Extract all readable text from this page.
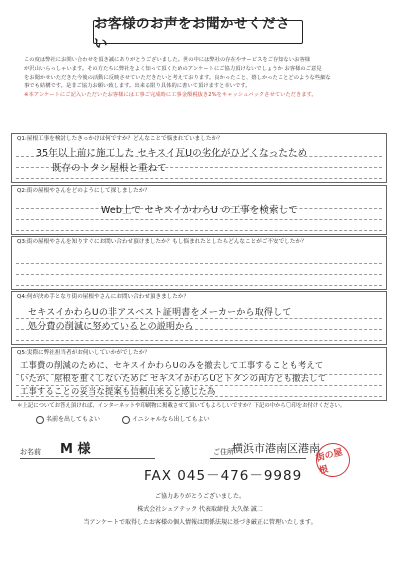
お客様のお声をお聞かせください
この度は弊社にお問い合わせを頂き誠にありがとうございました。世の中には弊社の存在やサービスをご存知ないお客様
が沢山いらっしゃいます。その方たちに弊社をよく知って頂くためのアンケートにご協力頂けないでしょうか お客様のご意見
をお聞かせいただきた今後の活動に反映させていただきたいと考えております。良かったこと、嬉しかったことどのような些細な
事でも結構です。是非ご協力お願い致します。出来る限り具体的に書いて頂けますと幸いです。
※本アンケートにご記入いただいたお客様には工事ご完成時に工事金額税抜き2%をキャッシュバックさせていただきます。
Q1:屋根工事を検討したきっかけは何ですか？どんなことで悩まれていましたか？
35年以上前に施工した セキスイ瓦Uの劣化がひどくなったため
既存のトタン屋根と重ねて
Q2:街の屋根やさんをどのようにして探しましたか？
Web上で セキスイかわらU の工事を検索して
Q3:街の屋根やさんを知りすぐにお問い合わせ頂けましたか？もし悩まれたとしたらどんなことがご不安でしたか？
Q4:何が決め手となり街の屋根やさんにお問い合わせ頂きましたか？
セキスイかわらUの非アスベスト証明書をメーカーから取得して
処分費の削減に努めているとの説明から
Q5:実際に弊社担当者がお伺いしていかがでしたか？
工事費の削減のために、セキスイかわらUのみを撤去して工事することも考えて
いたが、屋根を重くしないために セキスイかわらUとトタンの両方とも撤去して
工事することの妥当な提案も信頼出来ると感じた為
＊上記についてお答え頂ければ、インターネットや印刷物に掲載させて頂いてもよろしいですか？下記の中から〇印をお付けください。
名前を出してもよい	イニシャルなら出してもよい
お名前 M 様	ご住所
横浜市港南区港南
街の屋根
FAX 045－476－9989
ご協力ありがとうございました。
株式会社シェアテック 代表取締役 大久保 誠二
当アンケートで取得したお客様の個人情報は関係法規に基づき厳正に管理いたします。
